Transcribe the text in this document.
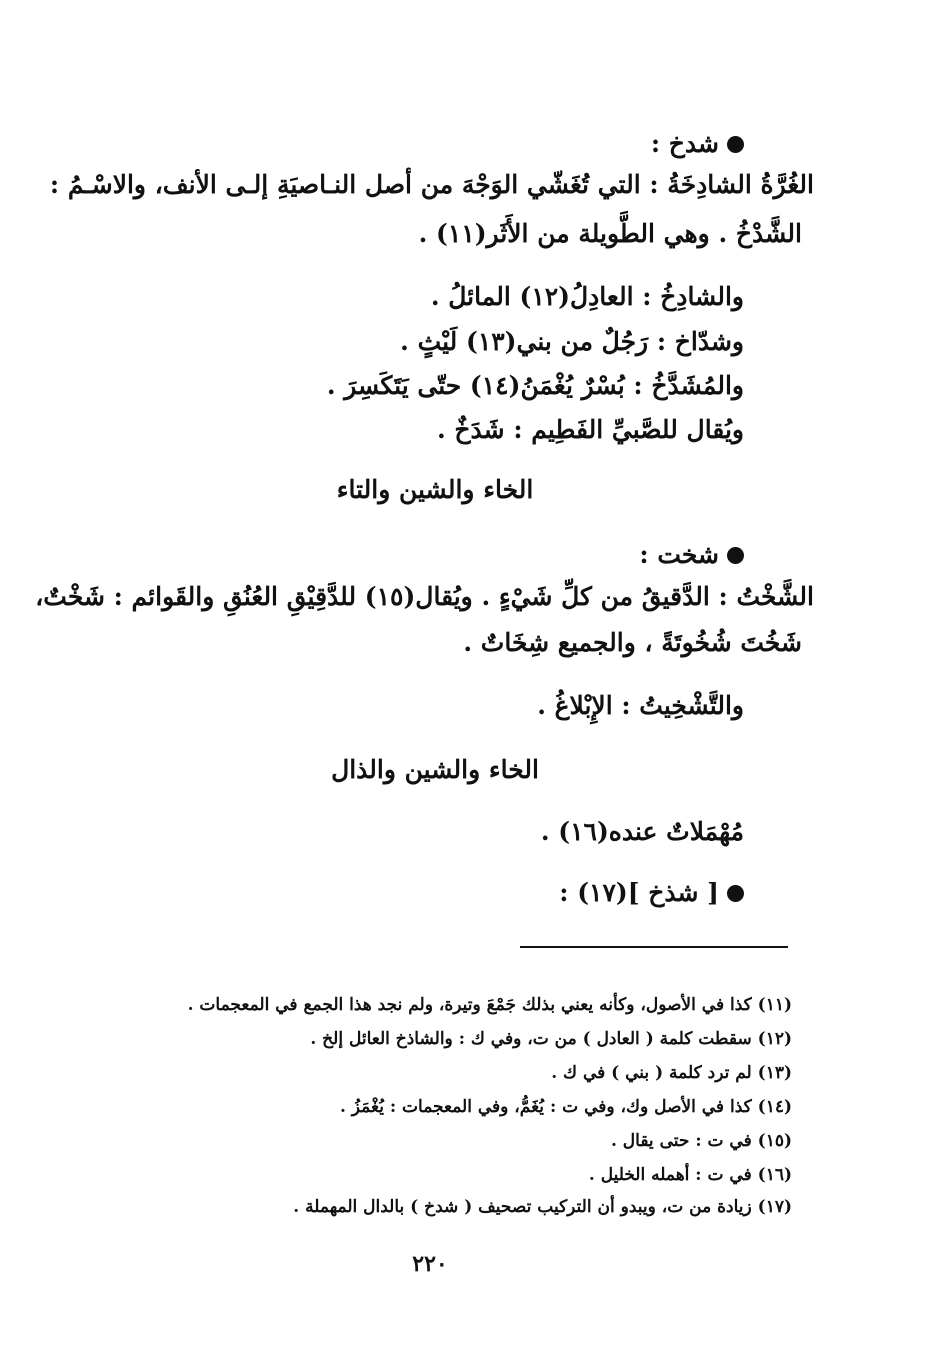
شدخ :
الغُرَّةُ الشادِخَةُ : التي تُغَشّي الوَجْهَ من أصل النـاصيَةِ إلـى الأنف، والاسْـمُ :
الشَّدْخُ . وهي الطَّويلة من الأَثَر(١١) .
والشادِخُ : العادِلُ(١٢) المائلُ .
وشدّاخ : رَجُلٌ من بني(١٣) لَيْثٍ .
والمُشَدَّخُ : بُسْرٌ يُغْمَنُ(١٤) حتّى يَتَكَسِرَ .
ويُقال للصَّبيِّ الفَطِيم : شَدَخٌ .
الخاء والشين والتاء
شخت :
الشَّخْتُ : الدَّقيقُ من كلِّ شَيْءٍ . ويُقال(١٥) للدَّقِيْقِ العُنُقِ والقَوائم : شَخْتٌ،
شَخُتَ شُخُوتَةً ، والجميع شِخَاتٌ .
والتَّشْخِيتُ : الإِبْلاغُ .
الخاء والشين والذال
مُهْمَلاتٌ عنده(١٦) .
[ شذخ ](١٧) :
(١١) كذا في الأصول، وكأنه يعني بذلك جَمْعَ وتيرة، ولم نجد هذا الجمع في المعجمات .
(١٢) سقطت كلمة ( العادل ) من ت، وفي ك : والشاذخ العائل إلخ .
(١٣) لم ترد كلمة ( بني ) في ك .
(١٤) كذا في الأصل وك، وفي ت : يُغَمُّ، وفي المعجمات : يُغْمَزُ .
(١٥) في ت : حتى يقال .
(١٦) في ت : أهمله الخليل .
(١٧) زيادة من ت، ويبدو أن التركيب تصحيف ( شدخ ) بالدال المهملة .
٢٢٠
